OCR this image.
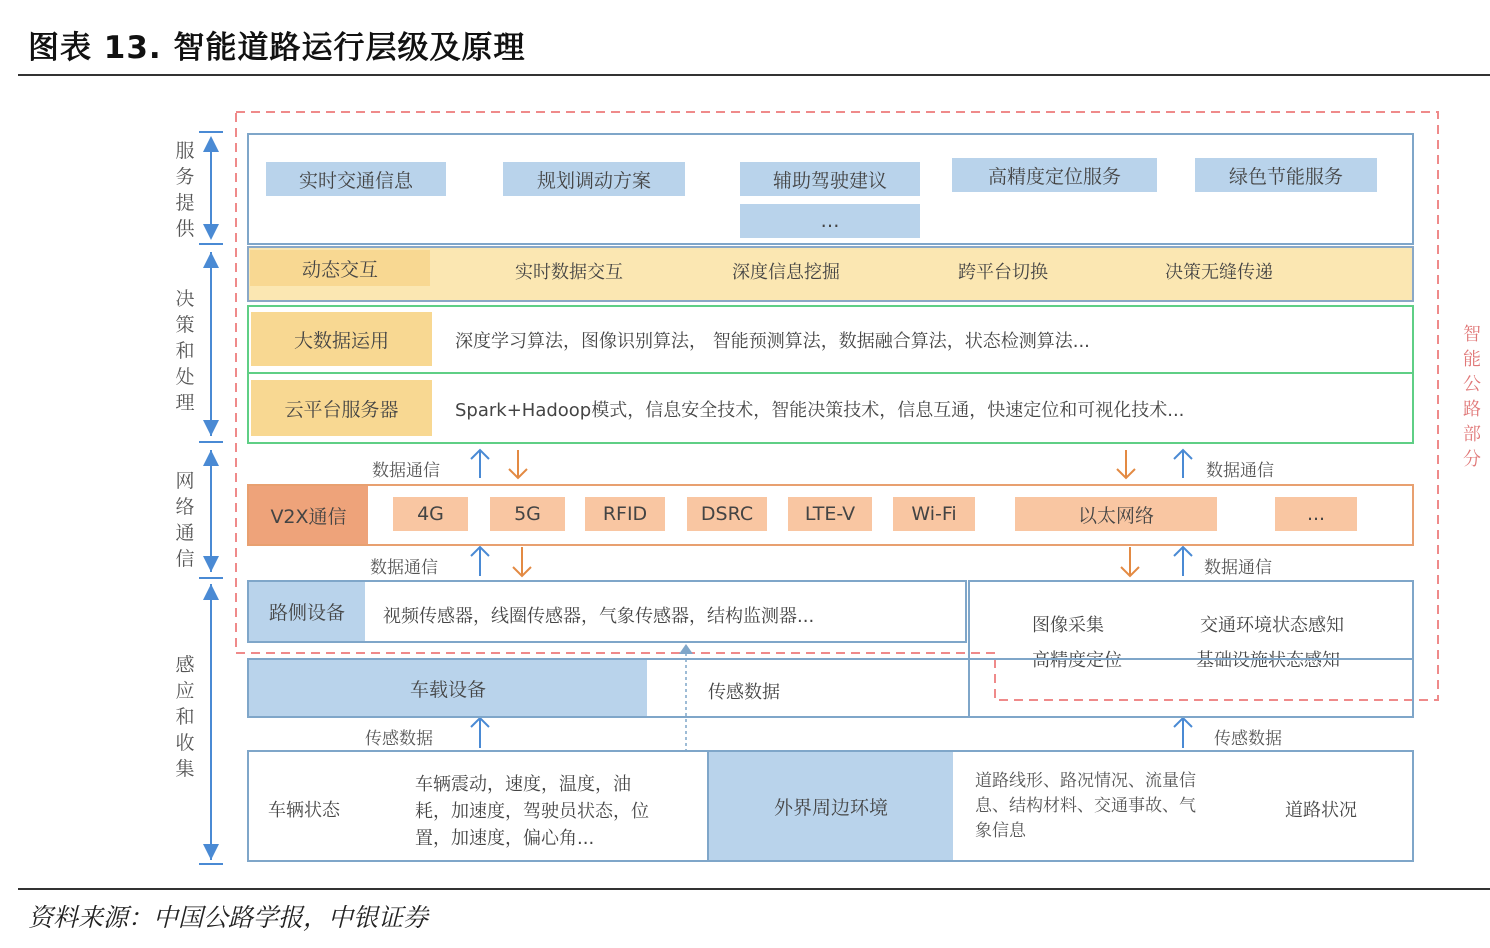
图表 13. 智能道路运行层级及原理
服
务
提
供
决
策
和
处
理
网
络
通
信
感
应
和
收
集
智
能
公
路
部
分
实时交通信息	规划调动方案	辅助驾驶建议
…
高精度定位服务	绿色节能服务
动态交互	实时数据交互	深度信息挖掘	跨平台切换	决策无缝传递
大数据运用	深度学习算法，图像识别算法， 智能预测算法，数据融合算法，状态检测算法...
云平台服务器	Spark+Hadoop模式，信息安全技术，智能决策技术，信息互通，快速定位和可视化技术...
数据通信	数据通信
数据通信	数据通信
V2X通信	4G	5G	RFID	DSRC	LTE-V	Wi-Fi	以太网络	...
路侧设备	视频传感器，线圈传感器，气象传感器，结构监测器...	图像采集	交通环境状态感知
高精度定位	基础设施状态感知
车载设备	传感数据
传感数据	传感数据
车辆状态
车辆震动，速度，温度，油
耗，加速度，驾驶员状态，位
置，加速度，偏心角...
外界周边环境
道路线形、路况情况、流量信
息、结构材料、交通事故、气
象信息
道路状况
资料来源：中国公路学报，中银证券
